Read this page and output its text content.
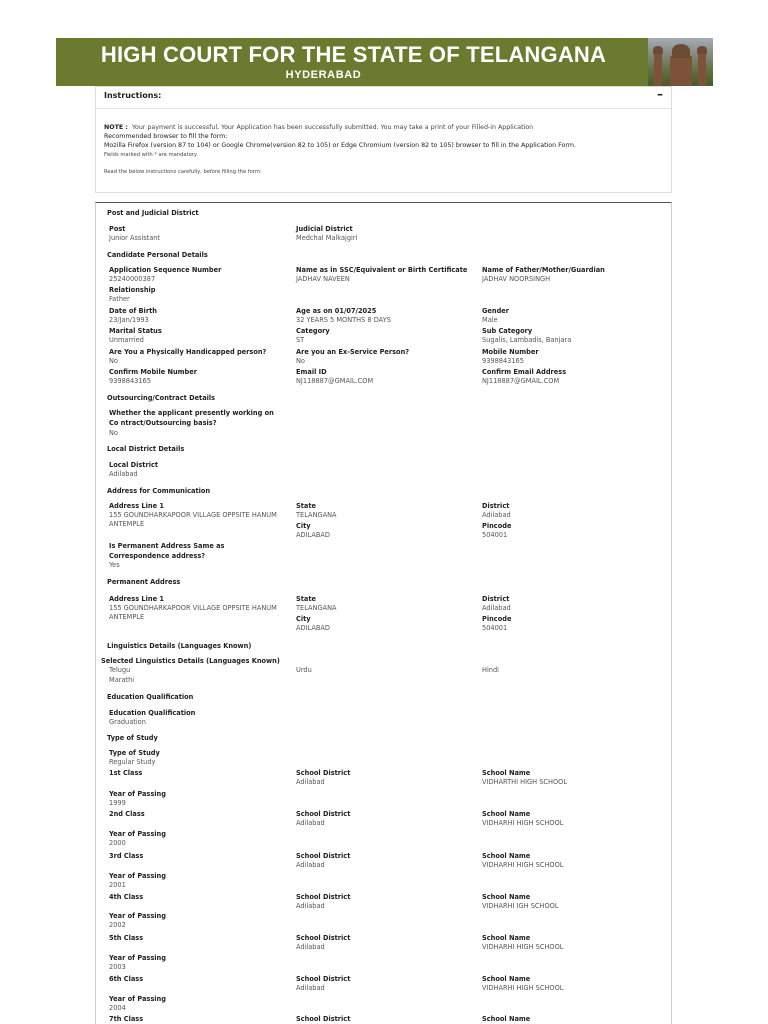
HIGH COURT FOR THE STATE OF TELANGANA
HYDERABAD
Instructions:	–
NOTE : Your payment is successful, Your Application has been successfully submitted. You may take a print of your Filled-in Application
Recommended browser to fill the form:
Mozilla Firefox (version 87 to 104) or Google Chrome(version 82 to 105) or Edge Chromium (version 82 to 105) browser to fill in the Application Form.
Fields marked with * are mandatory.
Read the below instructions carefully, before filling the form:
Post and Judicial District
Post
Junior Assistant
Judicial District
Medchal Malkajgiri
Candidate Personal Details
Application Sequence Number
25240000387
Name as in SSC/Equivalent or Birth Certificate
JADHAV NAVEEN
Name of Father/Mother/Guardian
JADHAV NOORSINGH
Relationship
Father
Date of Birth
23/Jan/1993
Age as on 01/07/2025
32 YEARS 5 MONTHS 8 DAYS
Gender
Male
Marital Status
Unmarried
Category
ST
Sub Category
Sugalis, Lambadis, Banjara
Are You a Physically Handicapped person?
No
Are you an Ex-Service Person?
No
Mobile Number
9398843165
Confirm Mobile Number
9398843165
Email ID
NJ118887@GMAIL.COM
Confirm Email Address
NJ118887@GMAIL.COM
Outsourcing/Contract Details
Whether the applicant presently working on Co ntract/Outsourcing basis?
No
Local District Details
Local District
Adilabad
Address for Communication
Address Line 1
155 GOUNDHARKAPOOR VILLAGE OPPSITE HANUM ANTEMPLE
State
TELANGANA
District
Adilabad
City
ADILABAD
Pincode
504001
Is Permanent Address Same as Correspondence address?
Yes
Permanent Address
Address Line 1
155 GOUNDHARKAPOOR VILLAGE OPPSITE HANUM ANTEMPLE
State
TELANGANA
District
Adilabad
City
ADILABAD
Pincode
504001
Linguistics Details (Languages Known)
Selected Linguistics Details (Languages Known)
Telugu	Urdu	Hindi
Marathi
Education Qualification
Education Qualification
Graduation
Type of Study
Type of Study
Regular Study
1st Class	School District
Adilabad
School Name
VIDHARTHI HIGH SCHOOL
Year of Passing
1999
2nd Class	School District
Adilabad
School Name
VIDHARHI HIGH SCHOOL
Year of Passing
2000
3rd Class	School District
Adilabad
School Name
VIDHARHI HIGH SCHOOL
Year of Passing
2001
4th Class	School District
Adilabad
School Name
VIDHARHI IGH SCHOOL
Year of Passing
2002
5th Class	School District
Adilabad
School Name
VIDHARHI HIGH SCHOOL
Year of Passing
2003
6th Class	School District
Adilabad
School Name
VIDHARHI HIGH SCHOOL
Year of Passing
2004
7th Class	School District	School Name
